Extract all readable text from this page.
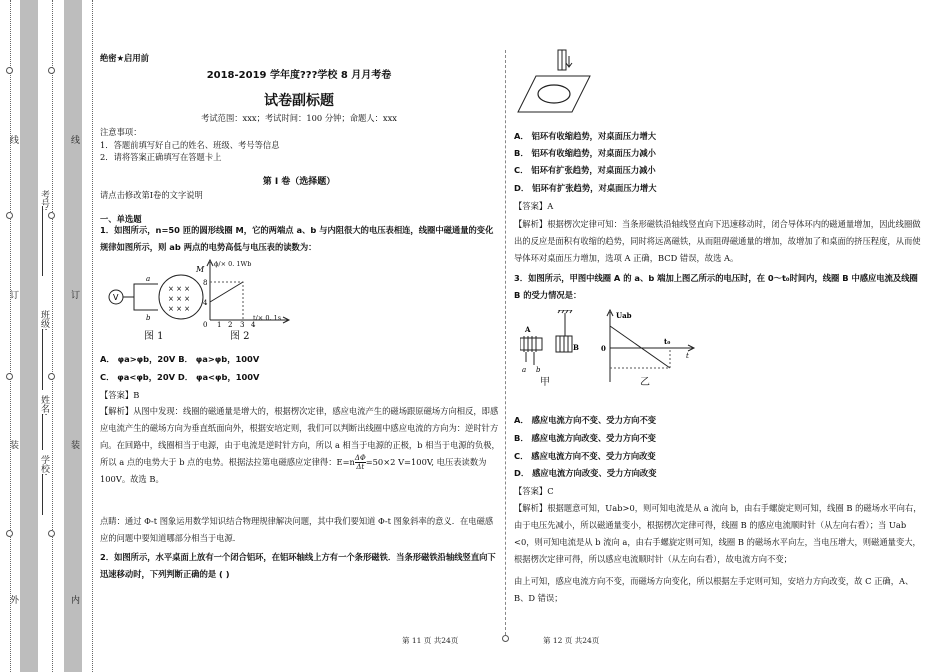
线
订
装
外
线
订
装
内
考号:
班级:
姓名:
学校:
绝密★启用前
2018-2019 学年度???学校 8 月月考卷
试卷副标题
考试范围：xxx；考试时间：100 分钟；命题人：xxx
注意事项：
1．答题前填写好自己的姓名、班级、考号等信息
2．请将答案正确填写在答题卡上
第 I 卷（选择题）
请点击修改第I卷的文字说明
一、单选题
1．如图所示，n=50 匝的圆形线圈 M，它的两端点 a、b 与内阻很大的电压表相连，线圈中磁通量的变化规律如图所示，则 ab 两点的电势高低与电压表的读数为：
V
× × ×
× × ×
× × ×
M
a
b
图 1
8
4
0 1 2 3 4
ϕ/× 0. 1Wb
t/× 0. 1s
图 2
A． φa>φb，20V B． φa>φb，100V
C． φa<φb，20V D． φa<φb，100V
【答案】B
【解析】从图中发现：线圈的磁通量是增大的，根据楞次定律，感应电流产生的磁场跟原磁场方向相反，即感应电流产生的磁场方向为垂直纸面向外，根据安培定则，我们可以判断出线圈中感应电流的方向为：逆时针方向。在回路中，线圈相当于电源，由于电流是逆时针方向，所以 a 相当于电源的正极，b 相当于电源的负极，所以 a 点的电势大于 b 点的电势。根据法拉第电磁感应定律得：$E=n \frac{\Delta\Phi}{\Delta t} =50\times 2$ V=100V, 电压表读数为 100V。故选 B。
点睛：通过 Φ-t 图象运用数学知识结合物理规律解决问题，其中我们要知道 Φ-t 图象斜率的意义．在电磁感应的问题中要知道哪部分相当于电源．
2．如图所示，水平桌面上放有一个闭合铝环，在铝环轴线上方有一个条形磁铁．当条形磁铁沿轴线竖直向下迅速移动时，下列判断正确的是 ( )
A． 铝环有收缩趋势，对桌面压力增大
B． 铝环有收缩趋势，对桌面压力减小
C． 铝环有扩张趋势，对桌面压力减小
D． 铝环有扩张趋势，对桌面压力增大
【答案】A
【解析】根据楞次定律可知：当条形磁铁沿轴线竖直向下迅速移动时，闭合导体环内的磁通量增加，因此线圈做出的反应是面积有收缩的趋势，同时将远离磁铁，从而阻碍磁通量的增加，故增加了和桌面的挤压程度，从而使导体环对桌面压力增加，选项 A 正确，BCD 错误，故选 A。
3．如图所示，甲图中线圈 A 的 a、b 端加上图乙所示的电压时，在 0～t₀时间内，线圈 B 中感应电流及线圈 B 的受力情况是：
A
B
a b
甲
Uab
0
t₀
t
乙
A． 感应电流方向不变、受力方向不变
B． 感应电流方向改变、受力方向不变
C． 感应电流方向不变、受力方向改变
D． 感应电流方向改变、受力方向改变
【答案】C
【解析】根据题意可知，Uab>0，则可知电流是从 a 流向 b，由右手螺旋定则可知，线圈 B 的磁场水平向右，由于电压先减小，所以磁通量变小，根据楞次定律可得，线圈 B 的感应电流顺时针（从左向右看）；当 Uab <0，则可知电流是从 b 流向 a，由右手螺旋定则可知，线圈 B 的磁场水平向左，当电压增大，则磁通量变大，根据楞次定律可得，所以感应电流顺时针（从左向右看），故电流方向不变；
由上可知，感应电流方向不变，而磁场方向变化，所以根据左手定则可知，安培力方向改变，故 C 正确，A、B、D 错误；
第 11 页 共24页	第 12 页 共24页
